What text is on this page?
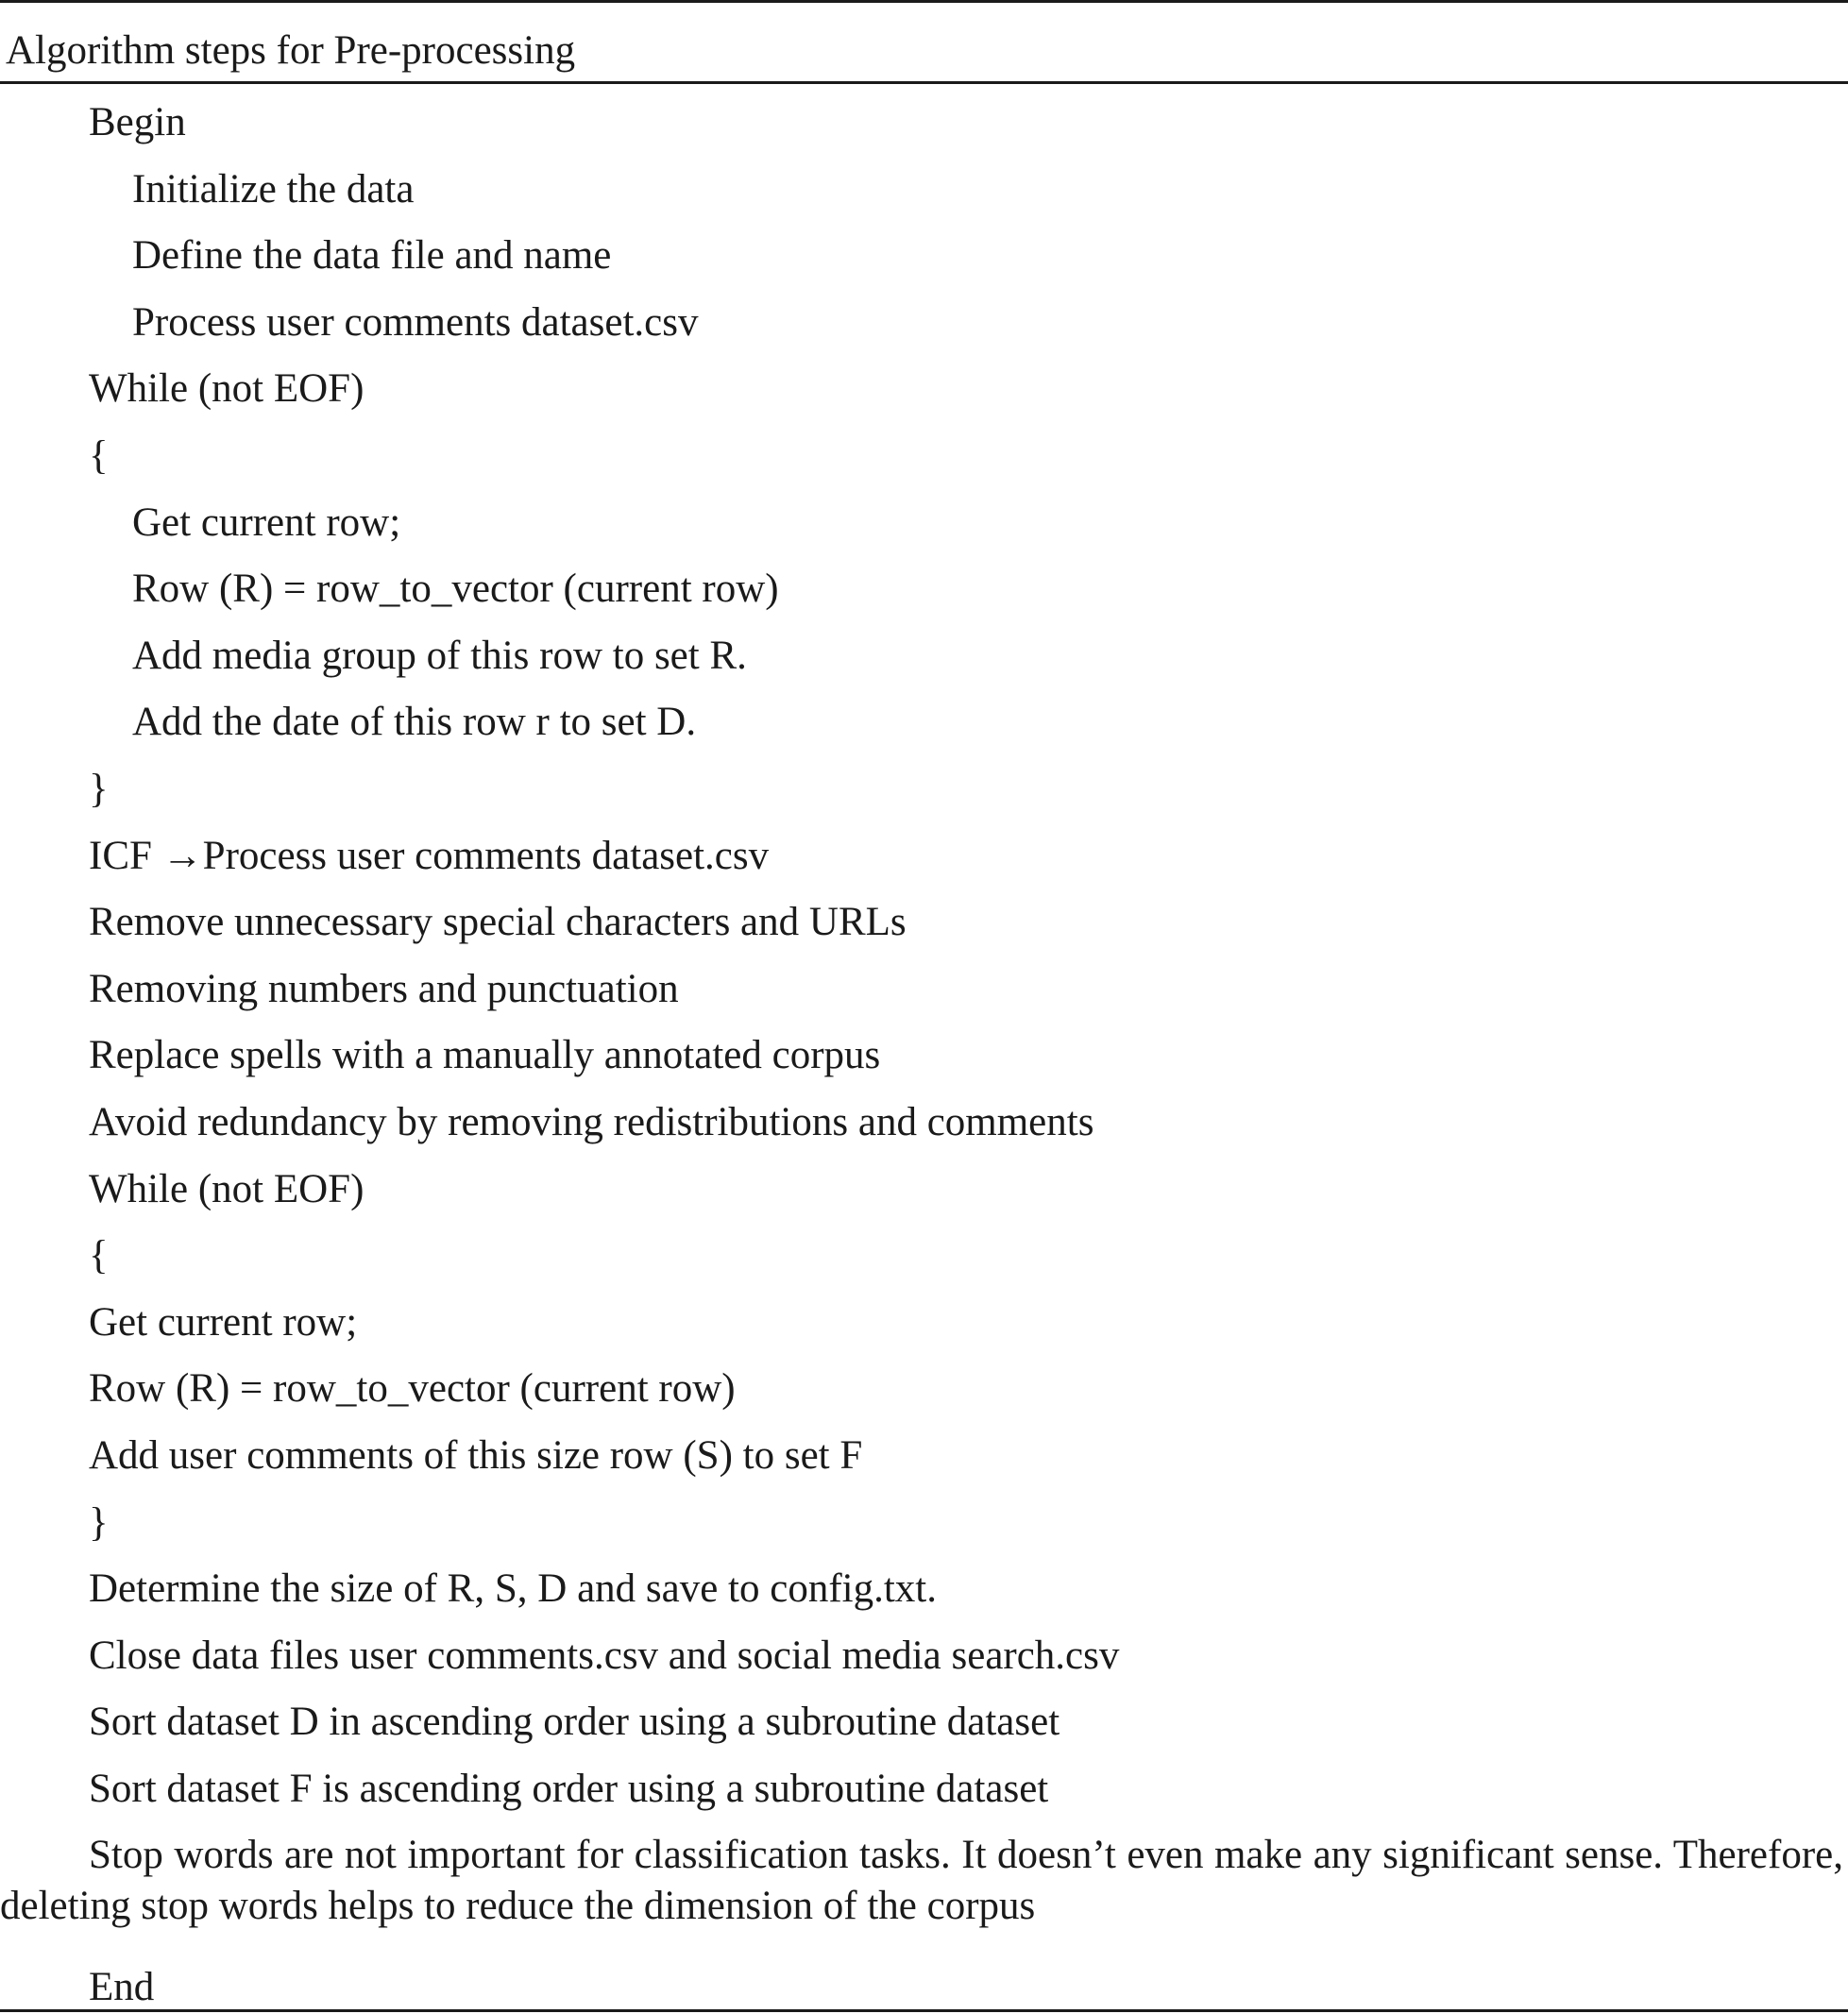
Algorithm steps for Pre-processing
Begin
Initialize the data
Define the data file and name
Process user comments dataset.csv
While (not EOF)
{
Get current row;
Row (R) = row_to_vector (current row)
Add media group of this row to set R.
Add the date of this row r to set D.
}
ICF →Process user comments dataset.csv
Remove unnecessary special characters and URLs
Removing numbers and punctuation
Replace spells with a manually annotated corpus
Avoid redundancy by removing redistributions and comments
While (not EOF)
{
Get current row;
Row (R) = row_to_vector (current row)
Add user comments of this size row (S) to set F
}
Determine the size of R, S, D and save to config.txt.
Close data files user comments.csv and social media search.csv
Sort dataset D in ascending order using a subroutine dataset
Sort dataset F is ascending order using a subroutine dataset
Stop words are not important for classification tasks. It doesn’t even make any significant sense. Therefore, deleting stop words helps to reduce the dimension of the corpus
End
